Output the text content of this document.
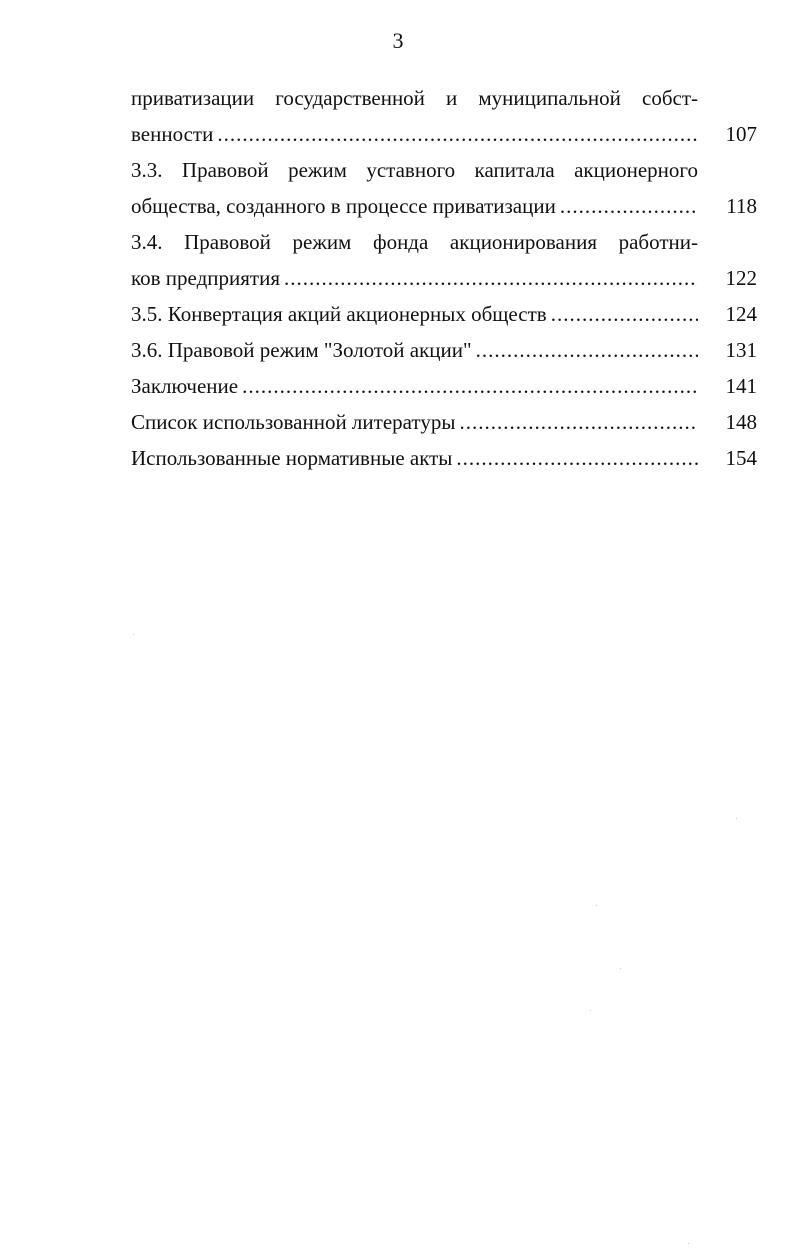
3
приватизации государственной и муниципальной собст-
венности .....	107
3.3. Правовой режим уставного капитала акционерного
общества, созданного в процессе приватизации .....	118
3.4. Правовой режим фонда акционирования работни-
ков предприятия .....	122
3.5. Конвертация акций акционерных обществ .....	124
3.6. Правовой режим "Золотой акции" .....	131
Заключение .....	141
Список использованной литературы .....	148
Использованные нормативные акты .....	154
